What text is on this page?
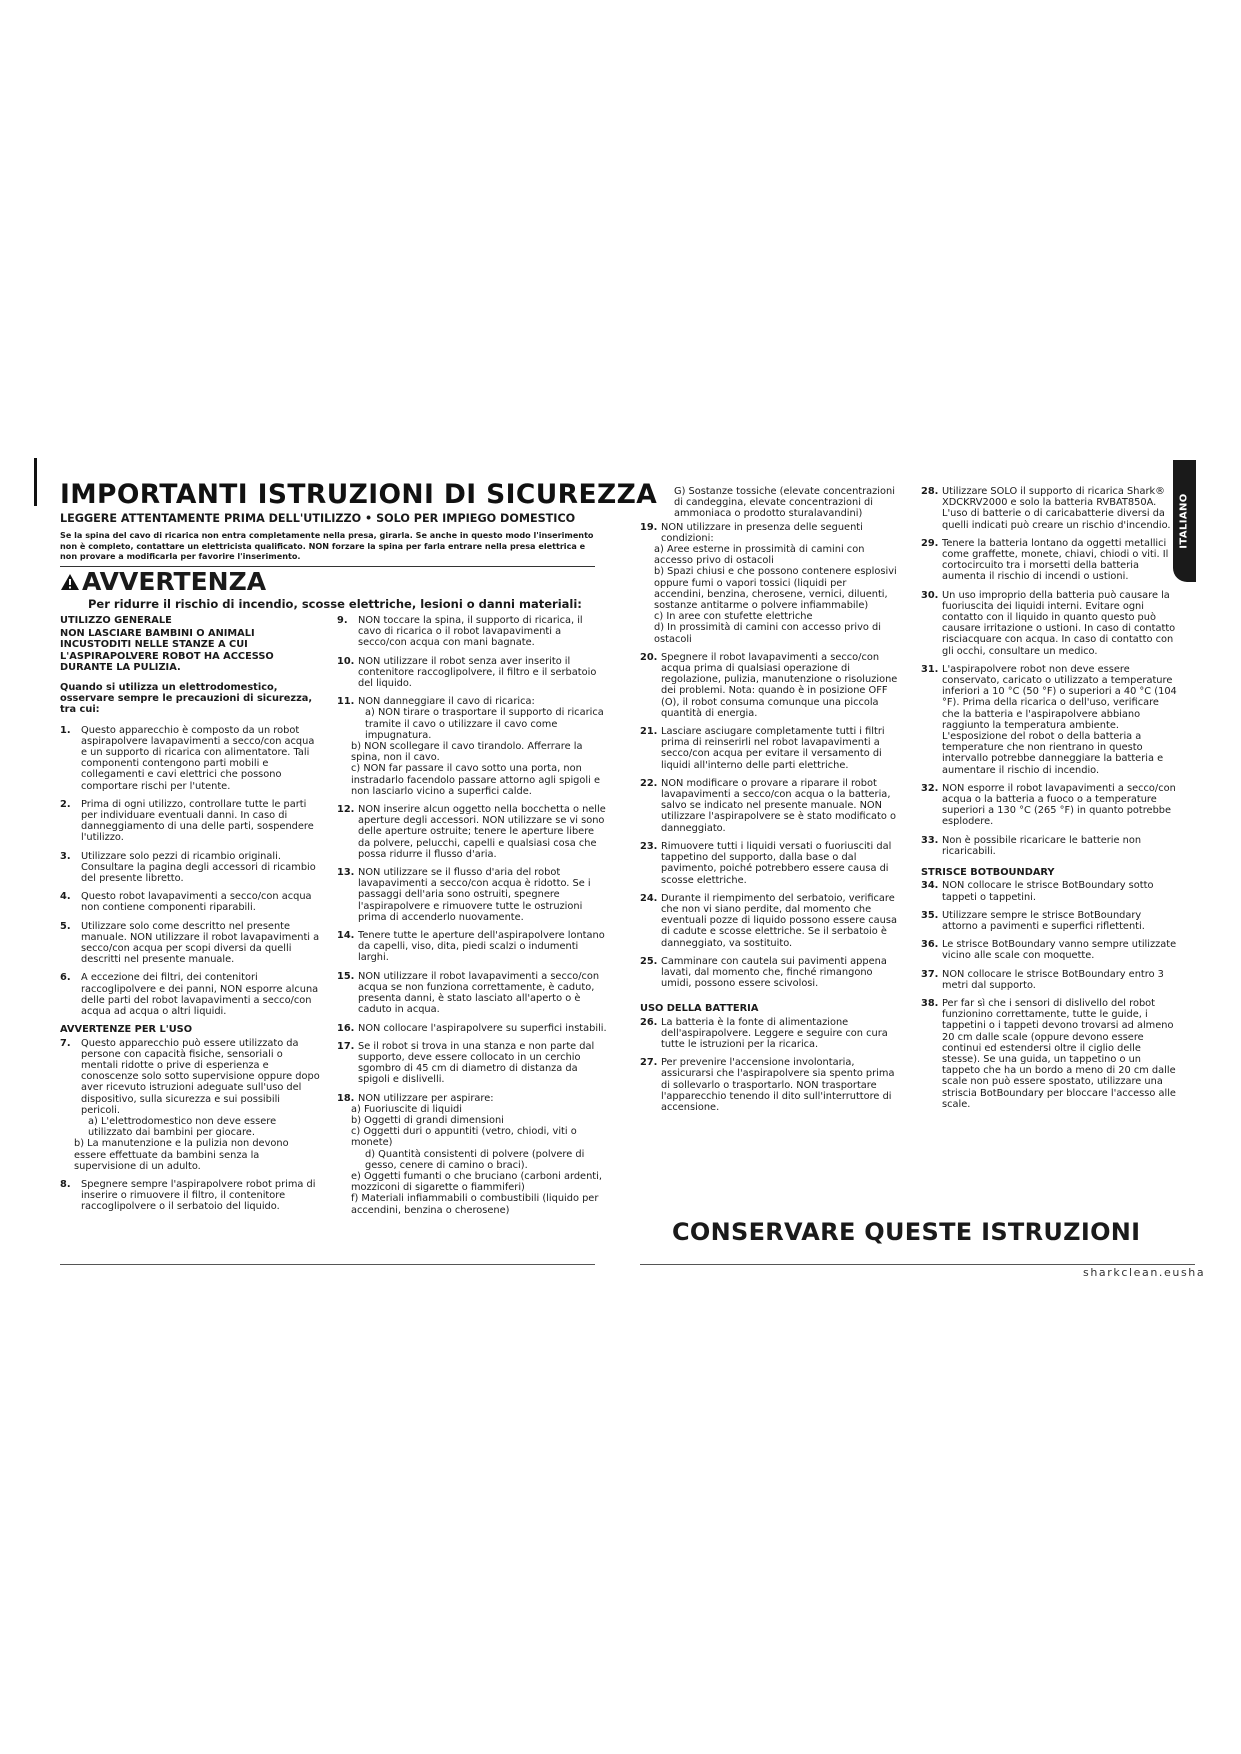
IMPORTANTI ISTRUZIONI DI SICUREZZA
LEGGERE ATTENTAMENTE PRIMA DELL'UTILIZZO • SOLO PER IMPIEGO DOMESTICO

Se la spina del cavo di ricarica non entra completamente nella presa, girarla. Se anche in questo modo l'inserimento non è completo, contattare un elettricista qualificato. NON forzare la spina per farla entrare nella presa elettrica e non provare a modificarla per favorire l'inserimento.

AVVERTENZA
Per ridurre il rischio di incendio, scosse elettriche, lesioni o danni materiali:
UTILIZZO GENERALE
NON LASCIARE BAMBINI O ANIMALI INCUSTODITI NELLE STANZE A CUI L'ASPIRAPOLVERE ROBOT HA ACCESSO DURANTE LA PULIZIA.
Quando si utilizza un elettrodomestico, osservare sempre le precauzioni di sicurezza, tra cui:
1.	Questo apparecchio è composto da un robot aspirapolvere lavapavimenti a secco/con acqua e un supporto di ricarica con alimentatore. Tali componenti contengono parti mobili e collegamenti e cavi elettrici che possono comportare rischi per l'utente.
2.	Prima di ogni utilizzo, controllare tutte le parti per individuare eventuali danni. In caso di danneggiamento di una delle parti, sospendere l'utilizzo.
3.	Utilizzare solo pezzi di ricambio originali. Consultare la pagina degli accessori di ricambio del presente libretto.
4.	Questo robot lavapavimenti a secco/con acqua non contiene componenti riparabili.
5.	Utilizzare solo come descritto nel presente manuale. NON utilizzare il robot lavapavimenti a secco/con acqua per scopi diversi da quelli descritti nel presente manuale.
6.	A eccezione dei filtri, dei contenitori raccoglipolvere e dei panni, NON esporre alcuna delle parti del robot lavapavimenti a secco/con acqua ad acqua o altri liquidi.
AVVERTENZE PER L'USO
7.	Questo apparecchio può essere utilizzato da persone con capacità fisiche, sensoriali o mentali ridotte o prive di esperienza e conoscenze solo sotto supervisione oppure dopo aver ricevuto istruzioni adeguate sull'uso del dispositivo, sulla sicurezza e sui possibili pericoli.
a) L'elettrodomestico non deve essere utilizzato dai bambini per giocare.
b) La manutenzione e la pulizia non devono essere effettuate da bambini senza la supervisione di un adulto.
8.	Spegnere sempre l'aspirapolvere robot prima di inserire o rimuovere il filtro, il contenitore raccoglipolvere o il serbatoio del liquido.
9.	NON toccare la spina, il supporto di ricarica, il cavo di ricarica o il robot lavapavimenti a secco/con acqua con mani bagnate.
10. NON utilizzare il robot senza aver inserito il contenitore raccoglipolvere, il filtro e il serbatoio del liquido.
11. NON danneggiare il cavo di ricarica:
a) NON tirare o trasportare il supporto di ricarica tramite il cavo o utilizzare il cavo come impugnatura.
b) NON scollegare il cavo tirandolo. Afferrare la spina, non il cavo.
c) NON far passare il cavo sotto una porta, non instradarlo facendolo passare attorno agli spigoli e non lasciarlo vicino a superfici calde.
12. NON inserire alcun oggetto nella bocchetta o nelle aperture degli accessori. NON utilizzare se vi sono delle aperture ostruite; tenere le aperture libere da polvere, pelucchi, capelli e qualsiasi cosa che possa ridurre il flusso d'aria.
13. NON utilizzare se il flusso d'aria del robot lavapavimenti a secco/con acqua è ridotto. Se i passaggi dell'aria sono ostruiti, spegnere l'aspirapolvere e rimuovere tutte le ostruzioni prima di accenderlo nuovamente.
14. Tenere tutte le aperture dell'aspirapolvere lontano da capelli, viso, dita, piedi scalzi o indumenti larghi.
15. NON utilizzare il robot lavapavimenti a secco/con acqua se non funziona correttamente, è caduto, presenta danni, è stato lasciato all'aperto o è caduto in acqua.
16. NON collocare l'aspirapolvere su superfici instabili.
17. Se il robot si trova in una stanza e non parte dal supporto, deve essere collocato in un cerchio sgombro di 45 cm di diametro di distanza da spigoli e dislivelli.
18. NON utilizzare per aspirare:
a) Fuoriuscite di liquidi
b) Oggetti di grandi dimensioni
c) Oggetti duri o appuntiti (vetro, chiodi, viti o monete)
d) Quantità consistenti di polvere (polvere di gesso, cenere di camino o braci).
e) Oggetti fumanti o che bruciano (carboni ardenti, mozziconi di sigarette o fiammiferi)
f) Materiali infiammabili o combustibili (liquido per accendini, benzina o cherosene)
G) Sostanze tossiche (elevate concentrazioni di candeggina, elevate concentrazioni di ammoniaca o prodotto sturalavandini)
19. NON utilizzare in presenza delle seguenti condizioni:
a) Aree esterne in prossimità di camini con accesso privo di ostacoli
b) Spazi chiusi e che possono contenere esplosivi oppure fumi o vapori tossici (liquidi per accendini, benzina, cherosene, vernici, diluenti, sostanze antitarme o polvere infiammabile)
c) In aree con stufette elettriche
d) In prossimità di camini con accesso privo di ostacoli
20. Spegnere il robot lavapavimenti a secco/con acqua prima di qualsiasi operazione di regolazione, pulizia, manutenzione o risoluzione dei problemi. Nota: quando è in posizione OFF (O), il robot consuma comunque una piccola quantità di energia.
21. Lasciare asciugare completamente tutti i filtri prima di reinserirli nel robot lavapavimenti a secco/con acqua per evitare il versamento di liquidi all'interno delle parti elettriche.
22. NON modificare o provare a riparare il robot lavapavimenti a secco/con acqua o la batteria, salvo se indicato nel presente manuale. NON utilizzare l'aspirapolvere se è stato modificato o danneggiato.
23. Rimuovere tutti i liquidi versati o fuoriusciti dal tappetino del supporto, dalla base o dal pavimento, poiché potrebbero essere causa di scosse elettriche.
24. Durante il riempimento del serbatoio, verificare che non vi siano perdite, dal momento che eventuali pozze di liquido possono essere causa di cadute e scosse elettriche. Se il serbatoio è danneggiato, va sostituito.
25. Camminare con cautela sui pavimenti appena lavati, dal momento che, finché rimangono umidi, possono essere scivolosi.
USO DELLA BATTERIA
26. La batteria è la fonte di alimentazione dell'aspirapolvere. Leggere e seguire con cura tutte le istruzioni per la ricarica.
27. Per prevenire l'accensione involontaria, assicurarsi che l'aspirapolvere sia spento prima di sollevarlo o trasportarlo. NON trasportare l'apparecchio tenendo il dito sull'interruttore di accensione.
28. Utilizzare SOLO il supporto di ricarica Shark® XDCKRV2000 e solo la batteria RVBAT850A. L'uso di batterie o di caricabatterie diversi da quelli indicati può creare un rischio d'incendio.
29. Tenere la batteria lontano da oggetti metallici come graffette, monete, chiavi, chiodi o viti. Il cortocircuito tra i morsetti della batteria aumenta il rischio di incendi o ustioni.
30. Un uso improprio della batteria può causare la fuoriuscita dei liquidi interni. Evitare ogni contatto con il liquido in quanto questo può causare irritazione o ustioni. In caso di contatto risciacquare con acqua. In caso di contatto con gli occhi, consultare un medico.
31. L'aspirapolvere robot non deve essere conservato, caricato o utilizzato a temperature inferiori a 10 °C (50 °F) o superiori a 40 °C (104 °F). Prima della ricarica o dell'uso, verificare che la batteria e l'aspirapolvere abbiano raggiunto la temperatura ambiente. L'esposizione del robot o della batteria a temperature che non rientrano in questo intervallo potrebbe danneggiare la batteria e aumentare il rischio di incendio.
32. NON esporre il robot lavapavimenti a secco/con acqua o la batteria a fuoco o a temperature superiori a 130 °C (265 °F) in quanto potrebbe esplodere.
33. Non è possibile ricaricare le batterie non ricaricabili.
STRISCE BOTBOUNDARY
34. NON collocare le strisce BotBoundary sotto tappeti o tappetini.
35. Utilizzare sempre le strisce BotBoundary attorno a pavimenti e superfici riflettenti.
36. Le strisce BotBoundary vanno sempre utilizzate vicino alle scale con moquette.
37. NON collocare le strisce BotBoundary entro 3 metri dal supporto.
38. Per far sì che i sensori di dislivello del robot funzionino correttamente, tutte le guide, i tappetini o i tappeti devono trovarsi ad almeno 20 cm dalle scale (oppure devono essere continui ed estendersi oltre il ciglio delle stesse). Se una guida, un tappetino o un tappeto che ha un bordo a meno di 20 cm dalle scale non può essere spostato, utilizzare una striscia BotBoundary per bloccare l'accesso alle scale.
CONSERVARE QUESTE ISTRUZIONI
sharkclean.eusha
ITALIANO
